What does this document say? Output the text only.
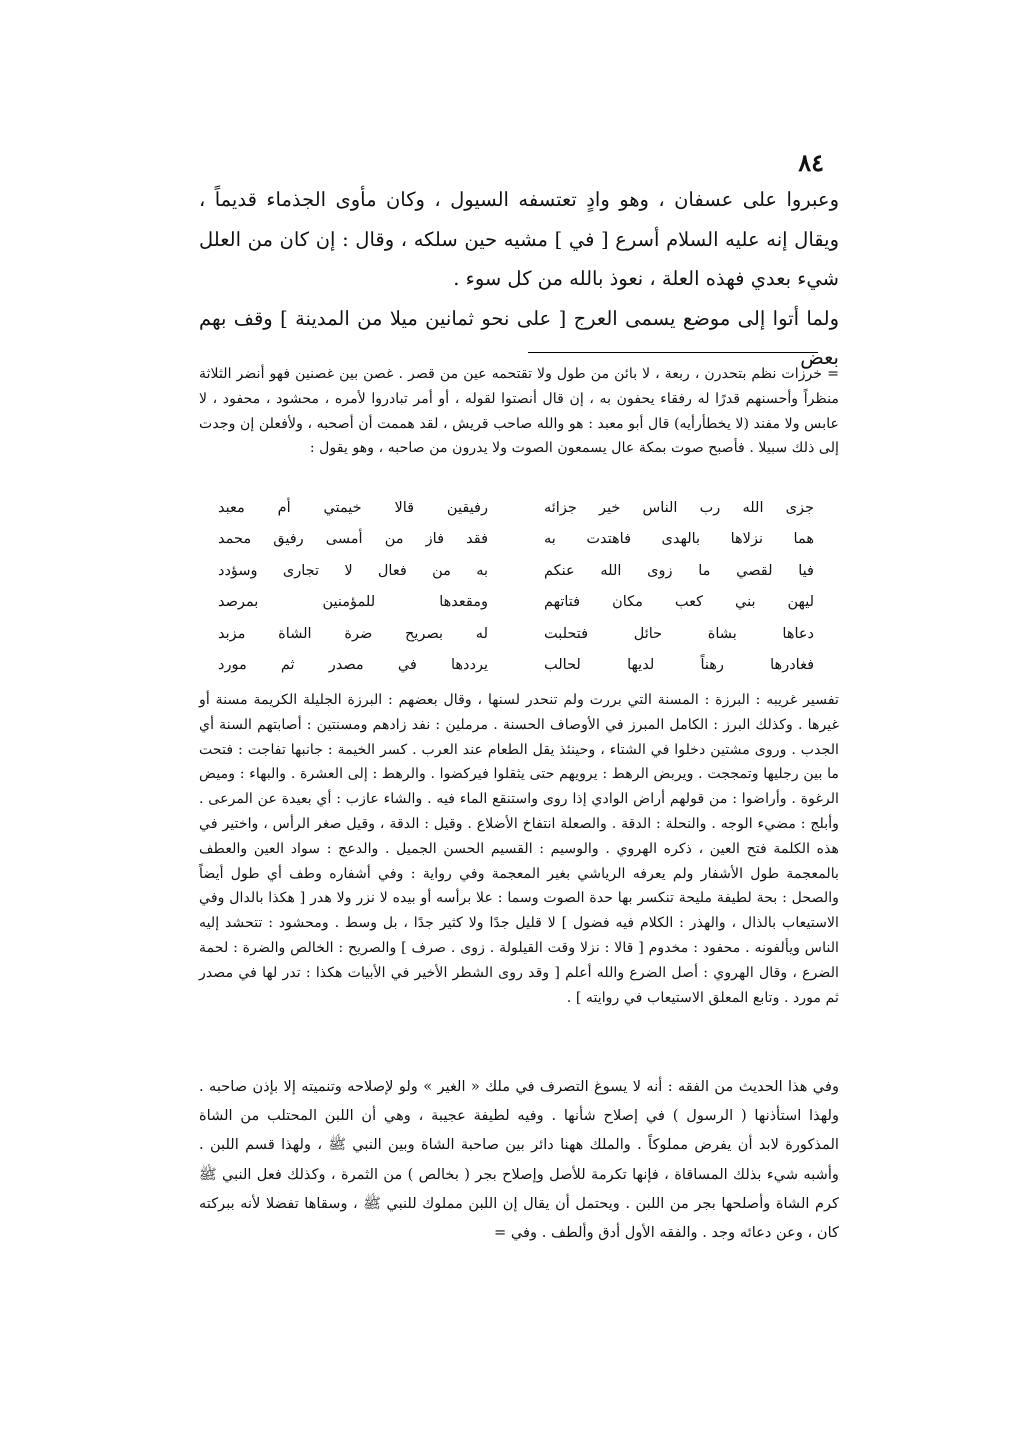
٨٤

وعبروا على عسفان ، وهو وادٍ تعتسفه السيول ، وكان مأوى الجذماء قديماً ، ويقال إنه عليه السلام أسرع [ في ] مشيه حين سلكه ، وقال : إن كان من العلل شيء بعدي فهذه العلة ، نعوذ بالله من كل سوء .

ولما أتوا إلى موضع يسمى العرج [ على نحو ثمانين ميلا من المدينة ] وقف بهم بعض

= خرزات نظم بتحدرن ، ربعة ، لا بائن من طول ولا تقتحمه عين من قصر . غصن بين غصنين فهو أنضر الثلاثة منظراً وأحسنهم قدرًا له رفقاء يحفون به ، إن قال أنصتوا لقوله ، أو أمر تبادروا لأمره ، محشود ، محفود ، لا عابس ولا مفند (لا يخطأرأيه) قال أبو معبد : هو والله صاحب قريش ، لقد هممت أن أصحبه ، ولأفعلن إن وجدت إلى ذلك سبيلا . فأصبح صوت بمكة عال يسمعون الصوت ولا يدرون من صاحبه ، وهو يقول :

جزى الله رب الناس خير جزائه
رفيقين قالا خيمتي أم معبد
هما نزلاها بالهدى فاهتدت به
فقد فاز من أمسى رفيق محمد
فيا لقصي ما زوى الله عنكم
به من فعال لا تجارى وسؤدد
ليهن بني كعب مكان فتاتهم
ومقعدها للمؤمنين بمرصد
دعاها بشاة حائل فتحلبت
له بصريح ضرة الشاة مزبد
فغادرها رهناً لديها لحالب
يرددها في مصدر ثم مورد

تفسير غريبه : البرزة : المسنة التي بررت ولم تنحدر لسنها ، وقال بعضهم : البرزة الجليلة الكريمة مسنة أو غيرها . وكذلك البرز : الكامل المبرز في الأوصاف الحسنة . مرملين : نفد زادهم ومسنتين : أصابتهم السنة أي الجدب . وروى مشتين دخلوا في الشتاء ، وحينئذ يقل الطعام عند العرب . كسر الخيمة : جانبها تفاجت : فتحت ما بين رجليها وتمججت . ويربض الرهط : يرويهم حتى يثقلوا فيركضوا . والرهط : إلى العشرة . والبهاء : وميض الرغوة . وأراضوا : من قولهم أراض الوادي إذا روى واستنقع الماء فيه . والشاء عازب : أي بعيدة عن المرعى . وأبلج : مضيء الوجه . والنحلة : الدقة . والصعلة انتفاخ الأضلاع . وقيل : الدقة ، وقيل صغر الرأس ، واختير في هذه الكلمة فتح العين ، ذكره الهروي . والوسيم : القسيم الحسن الجميل . والدعج : سواد العين والعطف بالمعجمة طول الأشفار ولم يعرفه الرياشي بغير المعجمة وفي رواية : وفي أشفاره وطف أي طول أيضاً والصحل : بحة لطيفة مليحة تنكسر بها حدة الصوت وسما : علا برأسه أو بيده لا نزر ولا هدر [ هكذا بالدال وفي الاستيعاب بالذال ، والهذر : الكلام فيه فضول ] لا قليل جدًا ولا كثير جدًا ، بل وسط . ومحشود : تتحشد إليه الناس ويألفونه . محفود : مخدوم [ قالا : نزلا وقت القيلولة . زوى . صرف ] والصريح : الخالص والضرة : لحمة الضرع ، وقال الهروي : أصل الضرع والله أعلم [ وقد روى الشطر الأخير في الأبيات هكذا : تدر لها في مصدر ثم مورد . وتابع المعلق الاستيعاب في روايته ] .

وفي هذا الحديث من الفقه : أنه لا يسوغ التصرف في ملك « الغير » ولو لإصلاحه وتنميته إلا بإذن صاحبه . ولهذا استأذنها ( الرسول ) في إصلاح شأنها . وفيه لطيفة عجيبة ، وهي أن اللبن المحتلب من الشاة المذكورة لابد أن يفرض مملوكاً . والملك ههنا دائر بين صاحبة الشاة وبين النبي ﷺ ، ولهذا قسم اللبن . وأشبه شيء بذلك المساقاة ، فإنها تكرمة للأصل وإصلاح بجر ( بخالص ) من الثمرة ، وكذلك فعل النبي ﷺ كرم الشاة وأصلحها بجر من اللبن . ويحتمل أن يقال إن اللبن مملوك للنبي ﷺ ، وسقاها تفضلا لأنه ببركته كان ، وعن دعائه وجد . والفقه الأول أدق وألطف . وفي =
